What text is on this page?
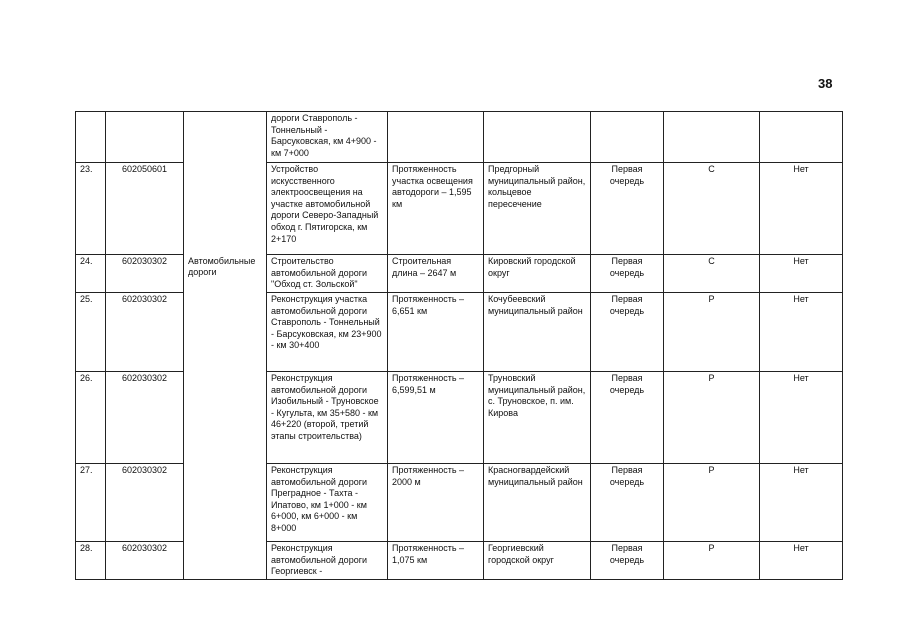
38
			дороги Ставрополь - Тоннельный - Барсуковская, км 4+900 - км 7+000					
23.	602050601		Устройство искусственного электроосвещения на участке автомобильной дороги Северо-Западный обход г. Пятигорска, км 2+170	Протяженность участка освещения автодороги – 1,595 км	Предгорный муниципальный район, кольцевое пересечение	Первая очередь	С	Нет
24.	602030302	Автомобильные дороги	Строительство автомобильной дороги "Обход ст. Зольской"	Строительная длина – 2647 м	Кировский городской округ	Первая очередь	С	Нет
25.	602030302		Реконструкция участка автомобильной дороги Ставрополь - Тоннельный - Барсуковская, км 23+900 - км 30+400	Протяженность – 6,651 км	Кочубеевский муниципальный район	Первая очередь	Р	Нет
26.	602030302		Реконструкция автомобильной дороги Изобильный - Труновское - Кугульта, км 35+580 - км 46+220 (второй, третий этапы строительства)	Протяженность – 6,599,51 м	Труновский муниципальный район, с. Труновское, п. им. Кирова	Первая очередь	Р	Нет
27.	602030302		Реконструкция автомобильной дороги Преградное - Тахта - Ипатово, км 1+000 - км 6+000, км 6+000 - км 8+000	Протяженность – 2000 м	Красногвардейский муниципальный район	Первая очередь	Р	Нет
28.	602030302		Реконструкция автомобильной дороги Георгиевск -	Протяженность – 1,075 км	Георгиевский городской округ	Первая очередь	Р	Нет
